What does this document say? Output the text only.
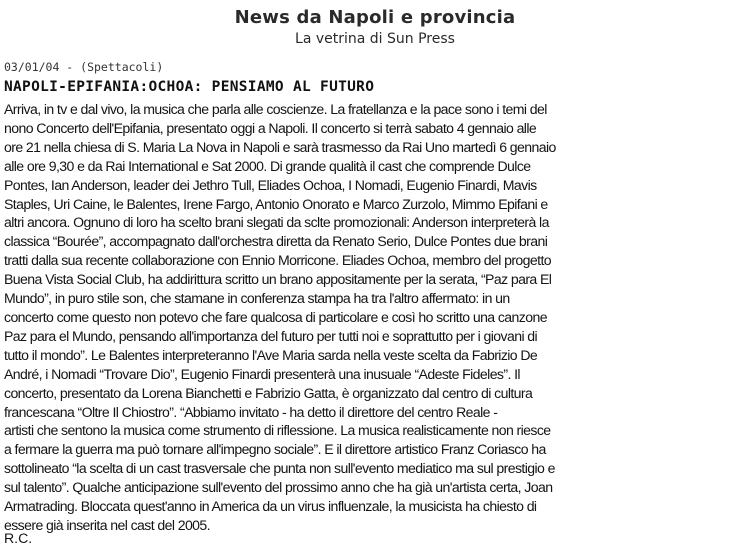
News da Napoli e provincia
La vetrina di Sun Press
03/01/04 - (Spettacoli)
NAPOLI-EPIFANIA:OCHOA: PENSIAMO AL FUTURO
Arriva, in tv e dal vivo, la musica che parla alle coscienze. La fratellanza e la pace sono i temi del
nono Concerto dell'Epifania, presentato oggi a Napoli. Il concerto si terrà sabato 4 gennaio alle
ore 21 nella chiesa di S. Maria La Nova in Napoli e sarà trasmesso da Rai Uno martedì 6 gennaio
alle ore 9,30 e da Rai International e Sat 2000. Di grande qualità il cast che comprende Dulce
Pontes, Ian Anderson, leader dei Jethro Tull, Eliades Ochoa, I Nomadi, Eugenio Finardi, Mavis
Staples, Uri Caine, le Balentes, Irene Fargo, Antonio Onorato e Marco Zurzolo, Mimmo Epifani e
altri ancora. Ognuno di loro ha scelto brani slegati da sclte promozionali: Anderson interpreterà la
classica “Bourée”, accompagnato dall'orchestra diretta da Renato Serio, Dulce Pontes due brani
tratti dalla sua recente collaborazione con Ennio Morricone. Eliades Ochoa, membro del progetto
Buena Vista Social Club, ha addirittura scritto un brano appositamente per la serata, “Paz para El
Mundo”, in puro stile son, che stamane in conferenza stampa ha tra l'altro affermato: in un
concerto come questo non potevo che fare qualcosa di particolare e così ho scritto una canzone
Paz para el Mundo, pensando all'importanza del futuro per tutti noi e soprattutto per i giovani di
tutto il mondo”. Le Balentes interpreteranno l'Ave Maria sarda nella veste scelta da Fabrizio De
André, i Nomadi “Trovare Dio”, Eugenio Finardi presenterà una inusuale “Adeste Fideles”. Il
concerto, presentato da Lorena Bianchetti e Fabrizio Gatta, è organizzato dal centro di cultura
francescana “Oltre Il Chiostro”. “Abbiamo invitato - ha detto il direttore del centro Reale -
artisti che sentono la musica come strumento di riflessione. La musica realisticamente non riesce
a fermare la guerra ma può tornare all'impegno sociale”. E il direttore artistico Franz Coriasco ha
sottolineato “la scelta di un cast trasversale che punta non sull'evento mediatico ma sul prestigio e
sul talento”. Qualche anticipazione sull'evento del prossimo anno che ha già un'artista certa, Joan
Armatrading. Bloccata quest'anno in America da un virus influenzale, la musicista ha chiesto di
essere già inserita nel cast del 2005.
R.C.
